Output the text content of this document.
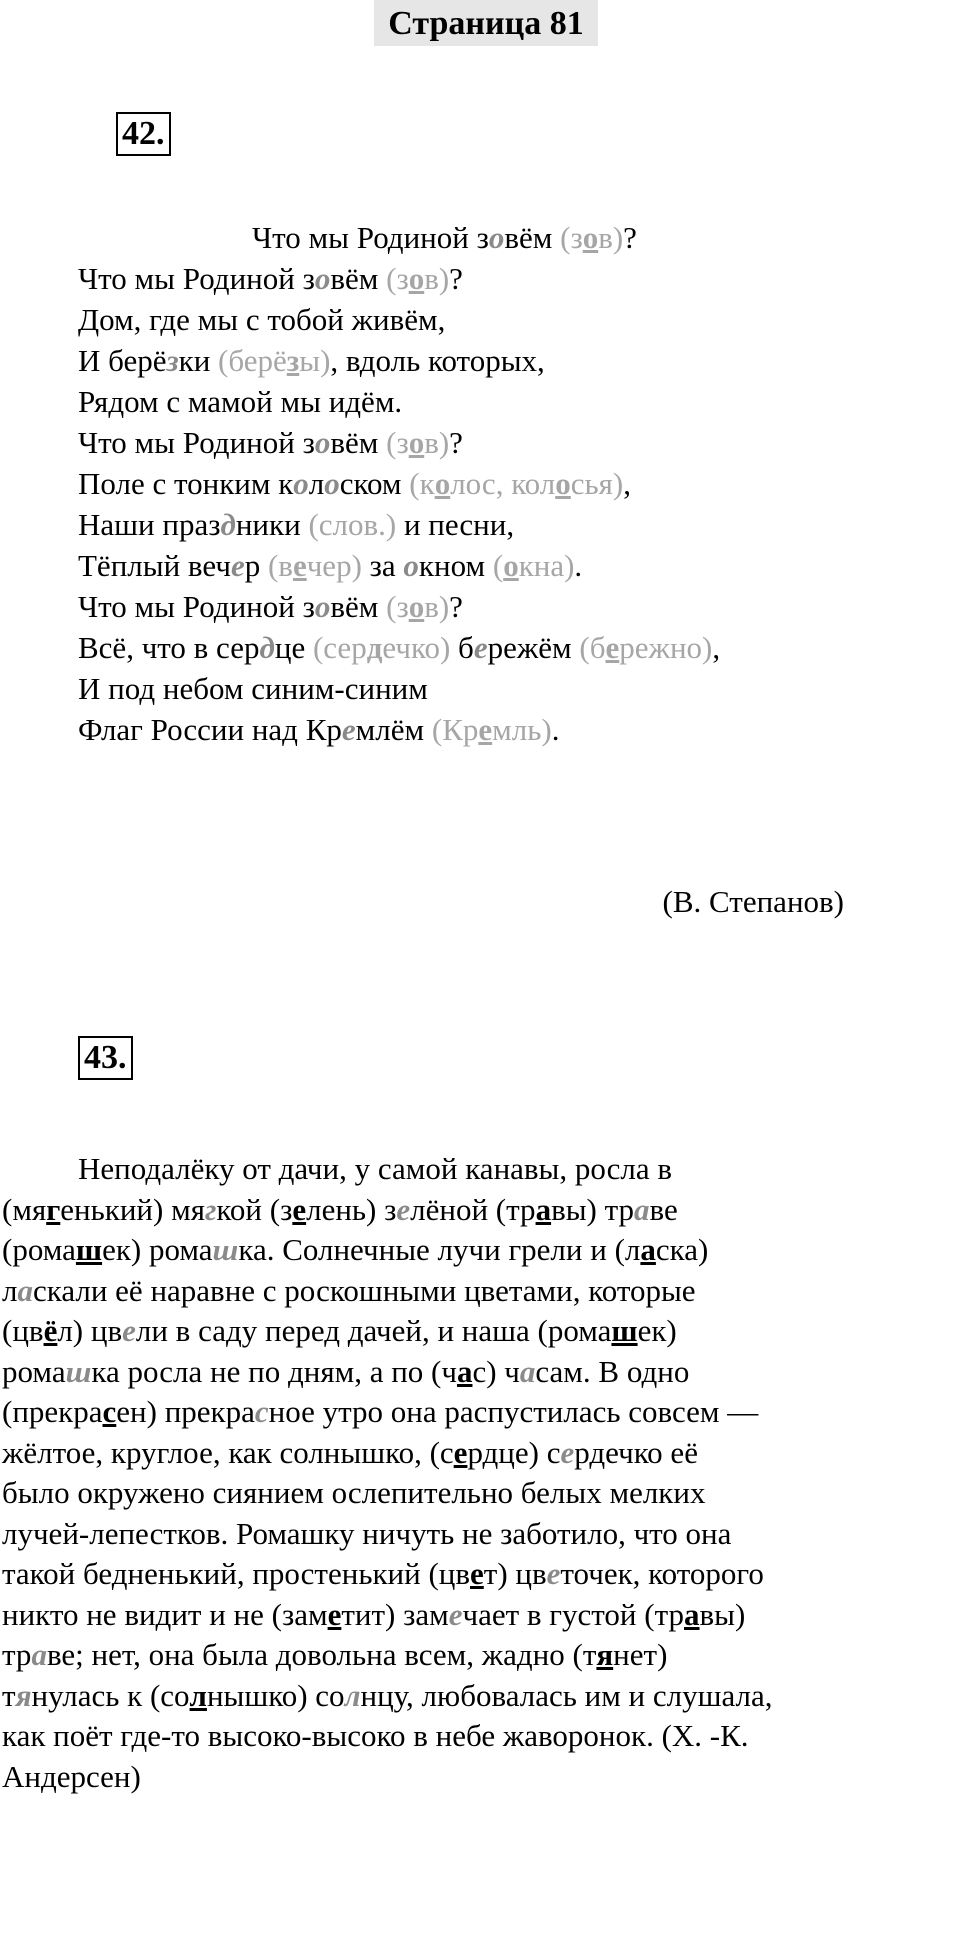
Страница 81
42.
Что мы Родиной зовём (зов)?
Что мы Родиной зовём (зов)?
Дом, где мы с тобой живём,
И берёзки (берёзы), вдоль которых,
Рядом с мамой мы идём.
Что мы Родиной зовём (зов)?
Поле с тонким колоском (колос, колосья),
Наши праздники (слов.) и песни,
Тёплый вечер (вечер) за окном (окна).
Что мы Родиной зовём (зов)?
Всё, что в сердце (сердечко) бережём (бережно),
И под небом синим-синим
Флаг России над Кремлём (Кремль).
(В. Степанов)
43.
Неподалёку от дачи, у самой канавы, росла в
(мягенький) мягкой (зелень) зелёной (травы) траве
(ромашек) ромашка. Солнечные лучи грели и (ласка)
ласкали её наравне с роскошными цветами, которые
(цвёл) цвели в саду перед дачей, и наша (ромашек)
ромашка росла не по дням, а по (час) часам. В одно
(прекрасен) прекрасное утро она распустилась совсем —
жёлтое, круглое, как солнышко, (сердце) сердечко её
было окружено сиянием ослепительно белых мелких
лучей-лепестков. Ромашку ничуть не заботило, что она
такой бедненький, простенький (цвет) цветочек, которого
никто не видит и не (заметит) замечает в густой (травы)
траве; нет, она была довольна всем, жадно (тянет)
тянулась к (солнышко) солнцу, любовалась им и слушала,
как поёт где-то высоко-высоко в небе жаворонок. (Х. -К.
Андерсен)
